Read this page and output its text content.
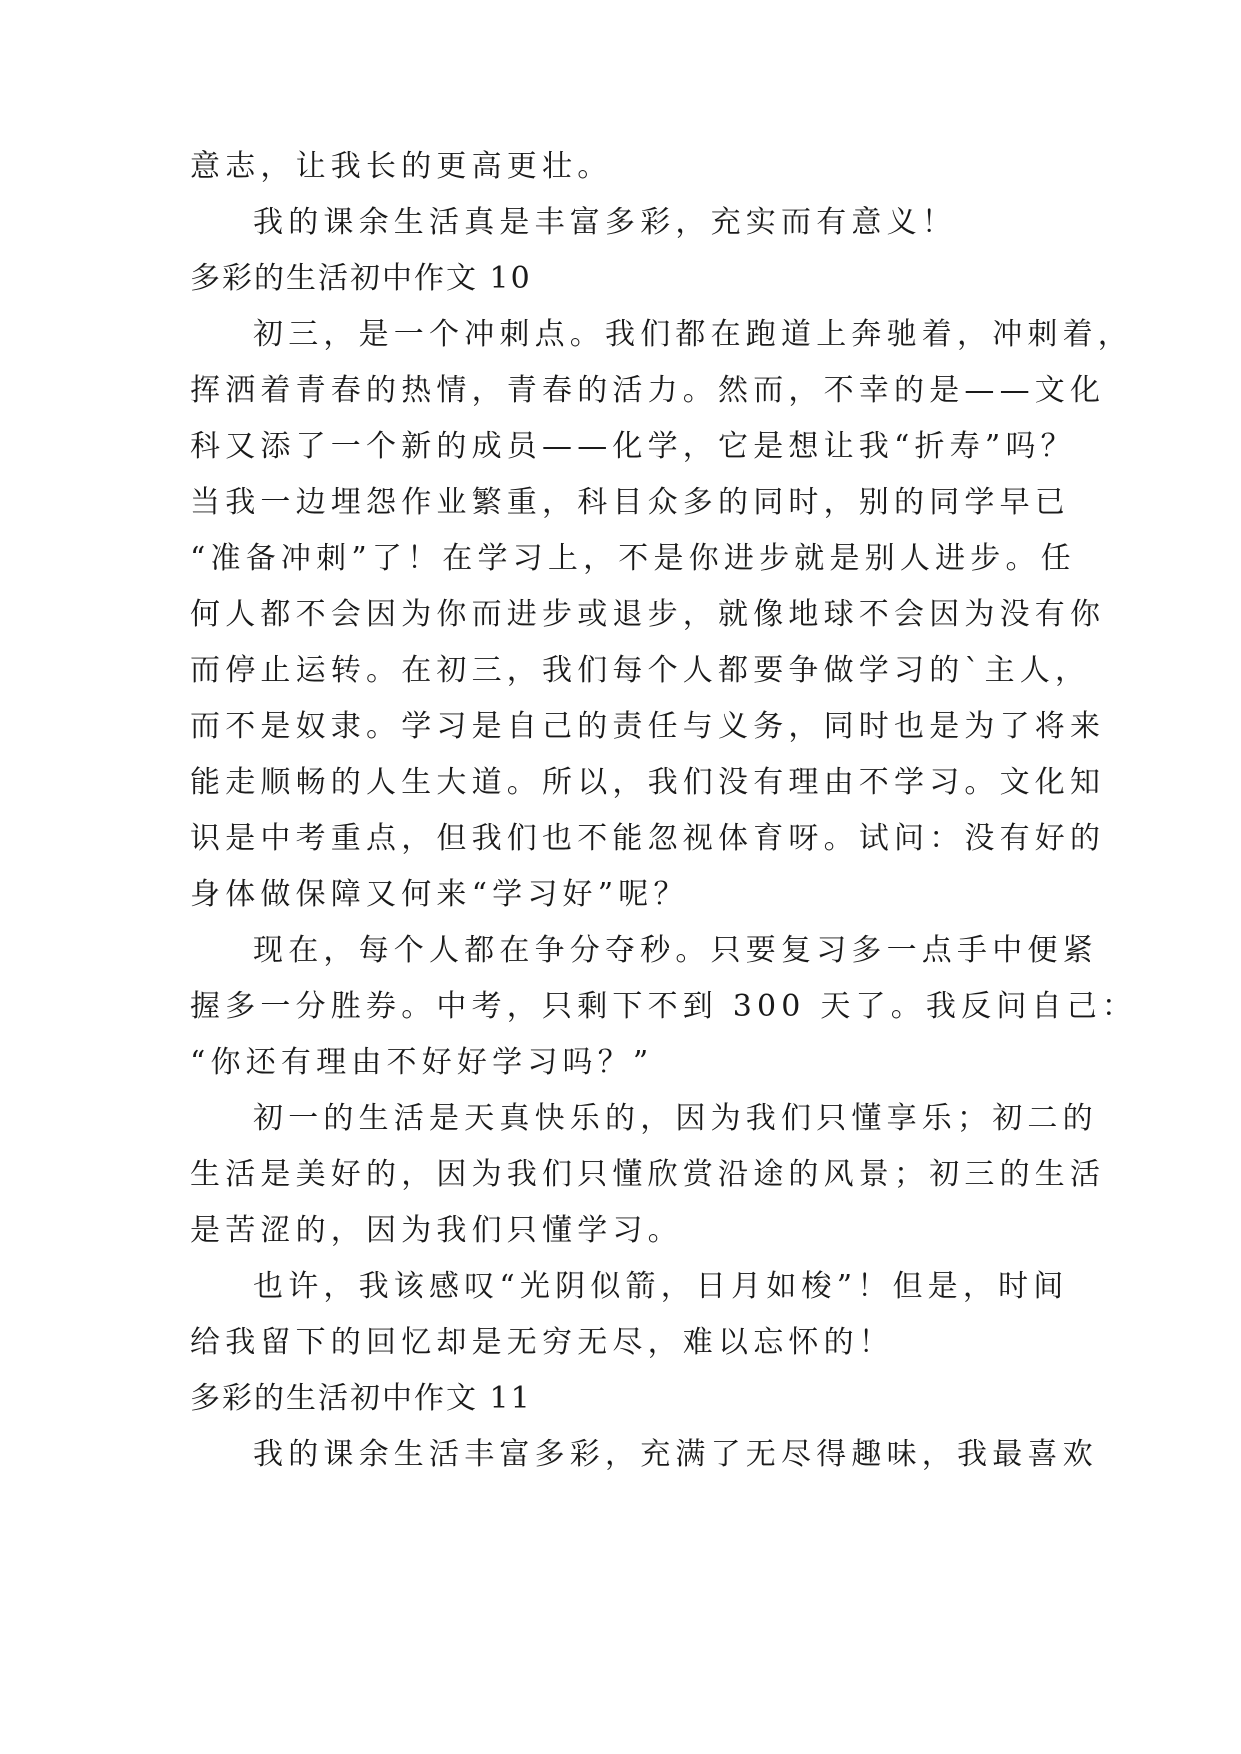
意志，让我长的更高更壮。
我的课余生活真是丰富多彩，充实而有意义！
多彩的生活初中作文 10
初三，是一个冲刺点。我们都在跑道上奔驰着，冲刺着，
挥洒着青春的热情，青春的活力。然而，不幸的是——文化
科又添了一个新的成员——化学，它是想让我“折寿”吗？
当我一边埋怨作业繁重，科目众多的同时，别的同学早已
“准备冲刺”了！在学习上，不是你进步就是别人进步。任
何人都不会因为你而进步或退步，就像地球不会因为没有你
而停止运转。在初三，我们每个人都要争做学习的`主人，
而不是奴隶。学习是自己的责任与义务，同时也是为了将来
能走顺畅的人生大道。所以，我们没有理由不学习。文化知
识是中考重点，但我们也不能忽视体育呀。试问：没有好的
身体做保障又何来“学习好”呢？
现在，每个人都在争分夺秒。只要复习多一点手中便紧
握多一分胜券。中考，只剩下不到 300 天了。我反问自己：
“你还有理由不好好学习吗？”
初一的生活是天真快乐的，因为我们只懂享乐；初二的
生活是美好的，因为我们只懂欣赏沿途的风景；初三的生活
是苦涩的，因为我们只懂学习。
也许，我该感叹“光阴似箭，日月如梭”！但是，时间
给我留下的回忆却是无穷无尽，难以忘怀的！
多彩的生活初中作文 11
我的课余生活丰富多彩，充满了无尽得趣味，我最喜欢
